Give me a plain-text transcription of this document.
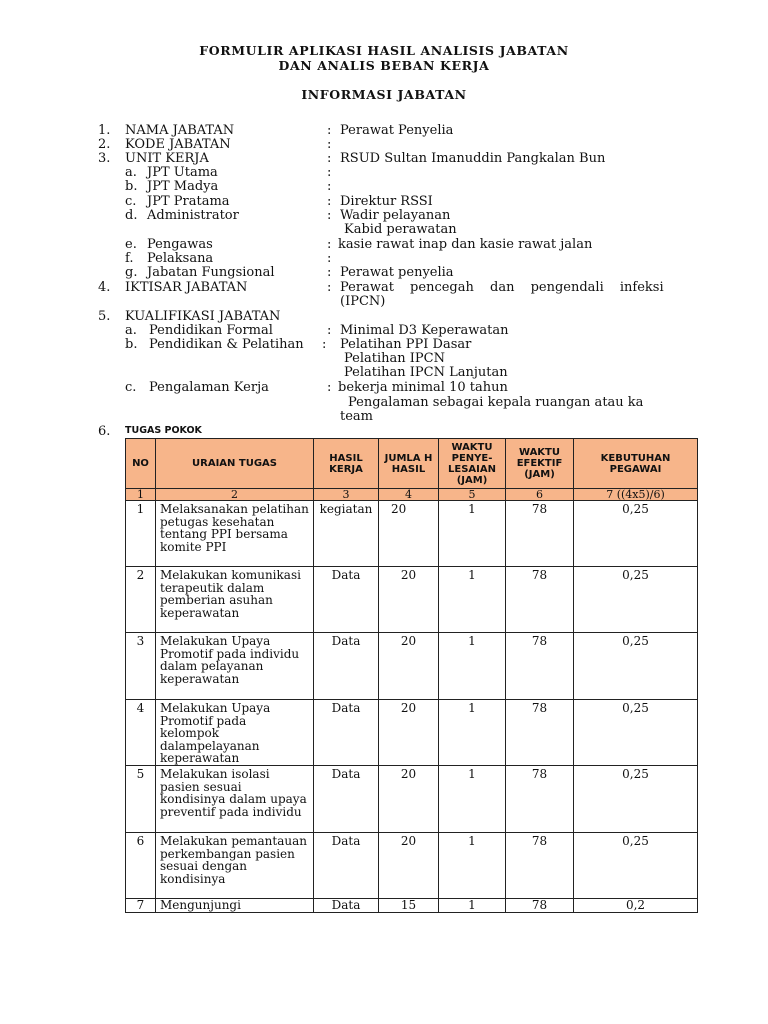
FORMULIR APLIKASI HASIL ANALISIS JABATAN
DAN ANALIS BEBAN KERJA
INFORMASI JABATAN
1. NAMA JABATAN	: Perawat Penyelia
2. KODE JABATAN	:
3. UNIT KERJA	: RSUD Sultan Imanuddin Pangkalan Bun
a. JPT Utama	:
b. JPT Madya	:
c. JPT Pratama	: Direktur RSSI
d. Administrator	: Wadir pelayanan
Kabid perawatan
e. Pengawas	: kasie rawat inap dan kasie rawat jalan
f. Pelaksana	:
g. Jabatan Fungsional	: Perawat penyelia
4. IKTISAR JABATAN	: Perawat pencegah dan pengendali infeksi
(IPCN)
5. KUALIFIKASI JABATAN
a. Pendidikan Formal	: Minimal D3 Keperawatan
b. Pendidikan & Pelatihan : Pelatihan PPI Dasar
Pelatihan IPCN
Pelatihan IPCN Lanjutan
c. Pengalaman Kerja	: bekerja minimal 10 tahun
Pengalaman sebagai kepala ruangan atau ka
team
6. TUGAS POKOK
NO	URAIAN TUGAS	HASIL KERJA	JUMLA H HASIL	WAKTU PENYE- LESAIAN (JAM)	WAKTU EFEKTIF (JAM)	KEBUTUHAN PEGAWAI
1	2	3	4	5	6	7 ((4x5)/6)
1	Melaksanakan pelatihan petugas kesehatan tentang PPI bersama komite PPI	kegiatan	20	1	78	0,25
2	Melakukan komunikasi terapeutik dalam pemberian asuhan keperawatan	Data	20	1	78	0,25
3	Melakukan Upaya Promotif pada individu dalam pelayanan keperawatan	Data	20	1	78	0,25
4	Melakukan Upaya Promotif pada kelompok dalampelayanan keperawatan	Data	20	1	78	0,25
5	Melakukan isolasi pasien sesuai kondisinya dalam upaya preventif pada individu	Data	20	1	78	0,25
6	Melakukan pemantauan perkembangan pasien sesuai dengan kondisinya	Data	20	1	78	0,25
7	Mengunjungi	Data	15	1	78	0,2
